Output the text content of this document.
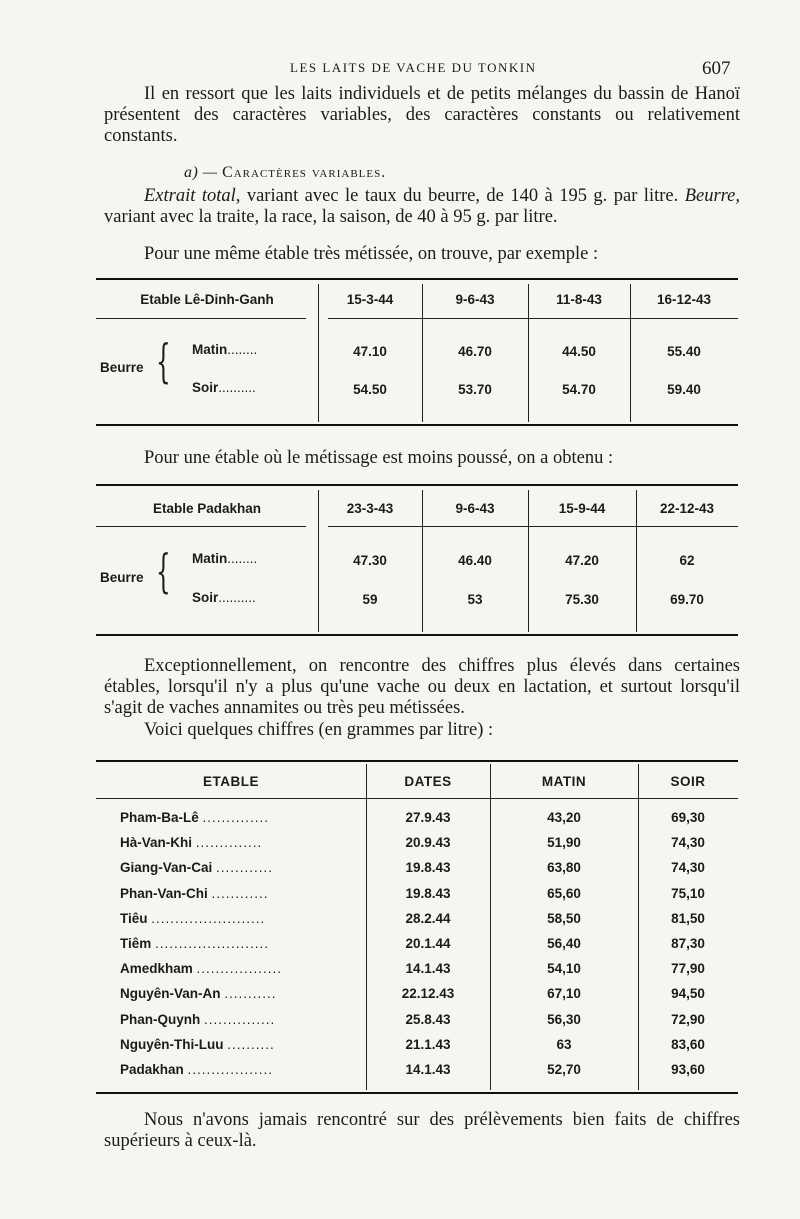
LES LAITS DE VACHE DU TONKIN	607

Il en ressort que les laits individuels et de petits mélanges du bassin de Hanoï présentent des caractères variables, des caractères constants ou relativement constants.

a) — Caractères variables.

Extrait total, variant avec le taux du beurre, de 140 à 195 g. par litre. Beurre, variant avec la traite, la race, la saison, de 40 à 95 g. par litre.

Pour une même étable très métissée, on trouve, par exemple :

Etable Lê-Dinh-Ganh	15-3-44	9-6-43	11-8-43	16-12-43
Beurre { Matin........	47.10	46.70	44.50	55.40
Soir..........	54.50	53.70	54.70	59.40

Pour une étable où le métissage est moins poussé, on a obtenu :

Etable Padakhan	23-3-43	9-6-43	15-9-44	22-12-43
Beurre { Matin........	47.30	46.40	47.20	62
Soir..........	59	53	75.30	69.70

Exceptionnellement, on rencontre des chiffres plus élevés dans certaines étables, lorsqu'il n'y a plus qu'une vache ou deux en lactation, et surtout lorsqu'il s'agit de vaches annamites ou très peu métissées.

Voici quelques chiffres (en grammes par litre) :

ETABLE	DATES	MATIN	SOIR
Pham-Ba-Lê ..............	27.9.43	43,20	69,30
Hà-Van-Khi ..............	20.9.43	51,90	74,30
Giang-Van-Cai ............	19.8.43	63,80	74,30
Phan-Van-Chi ............	19.8.43	65,60	75,10
Tiêu ........................	28.2.44	58,50	81,50
Tiêm ........................	20.1.44	56,40	87,30
Amedkham ..................	14.1.43	54,10	77,90
Nguyên-Van-An ...........	22.12.43	67,10	94,50
Phan-Quynh ...............	25.8.43	56,30	72,90
Nguyên-Thi-Luu ..........	21.1.43	63	83,60
Padakhan ..................	14.1.43	52,70	93,60

Nous n'avons jamais rencontré sur des prélèvements bien faits de chiffres supérieurs à ceux-là.
